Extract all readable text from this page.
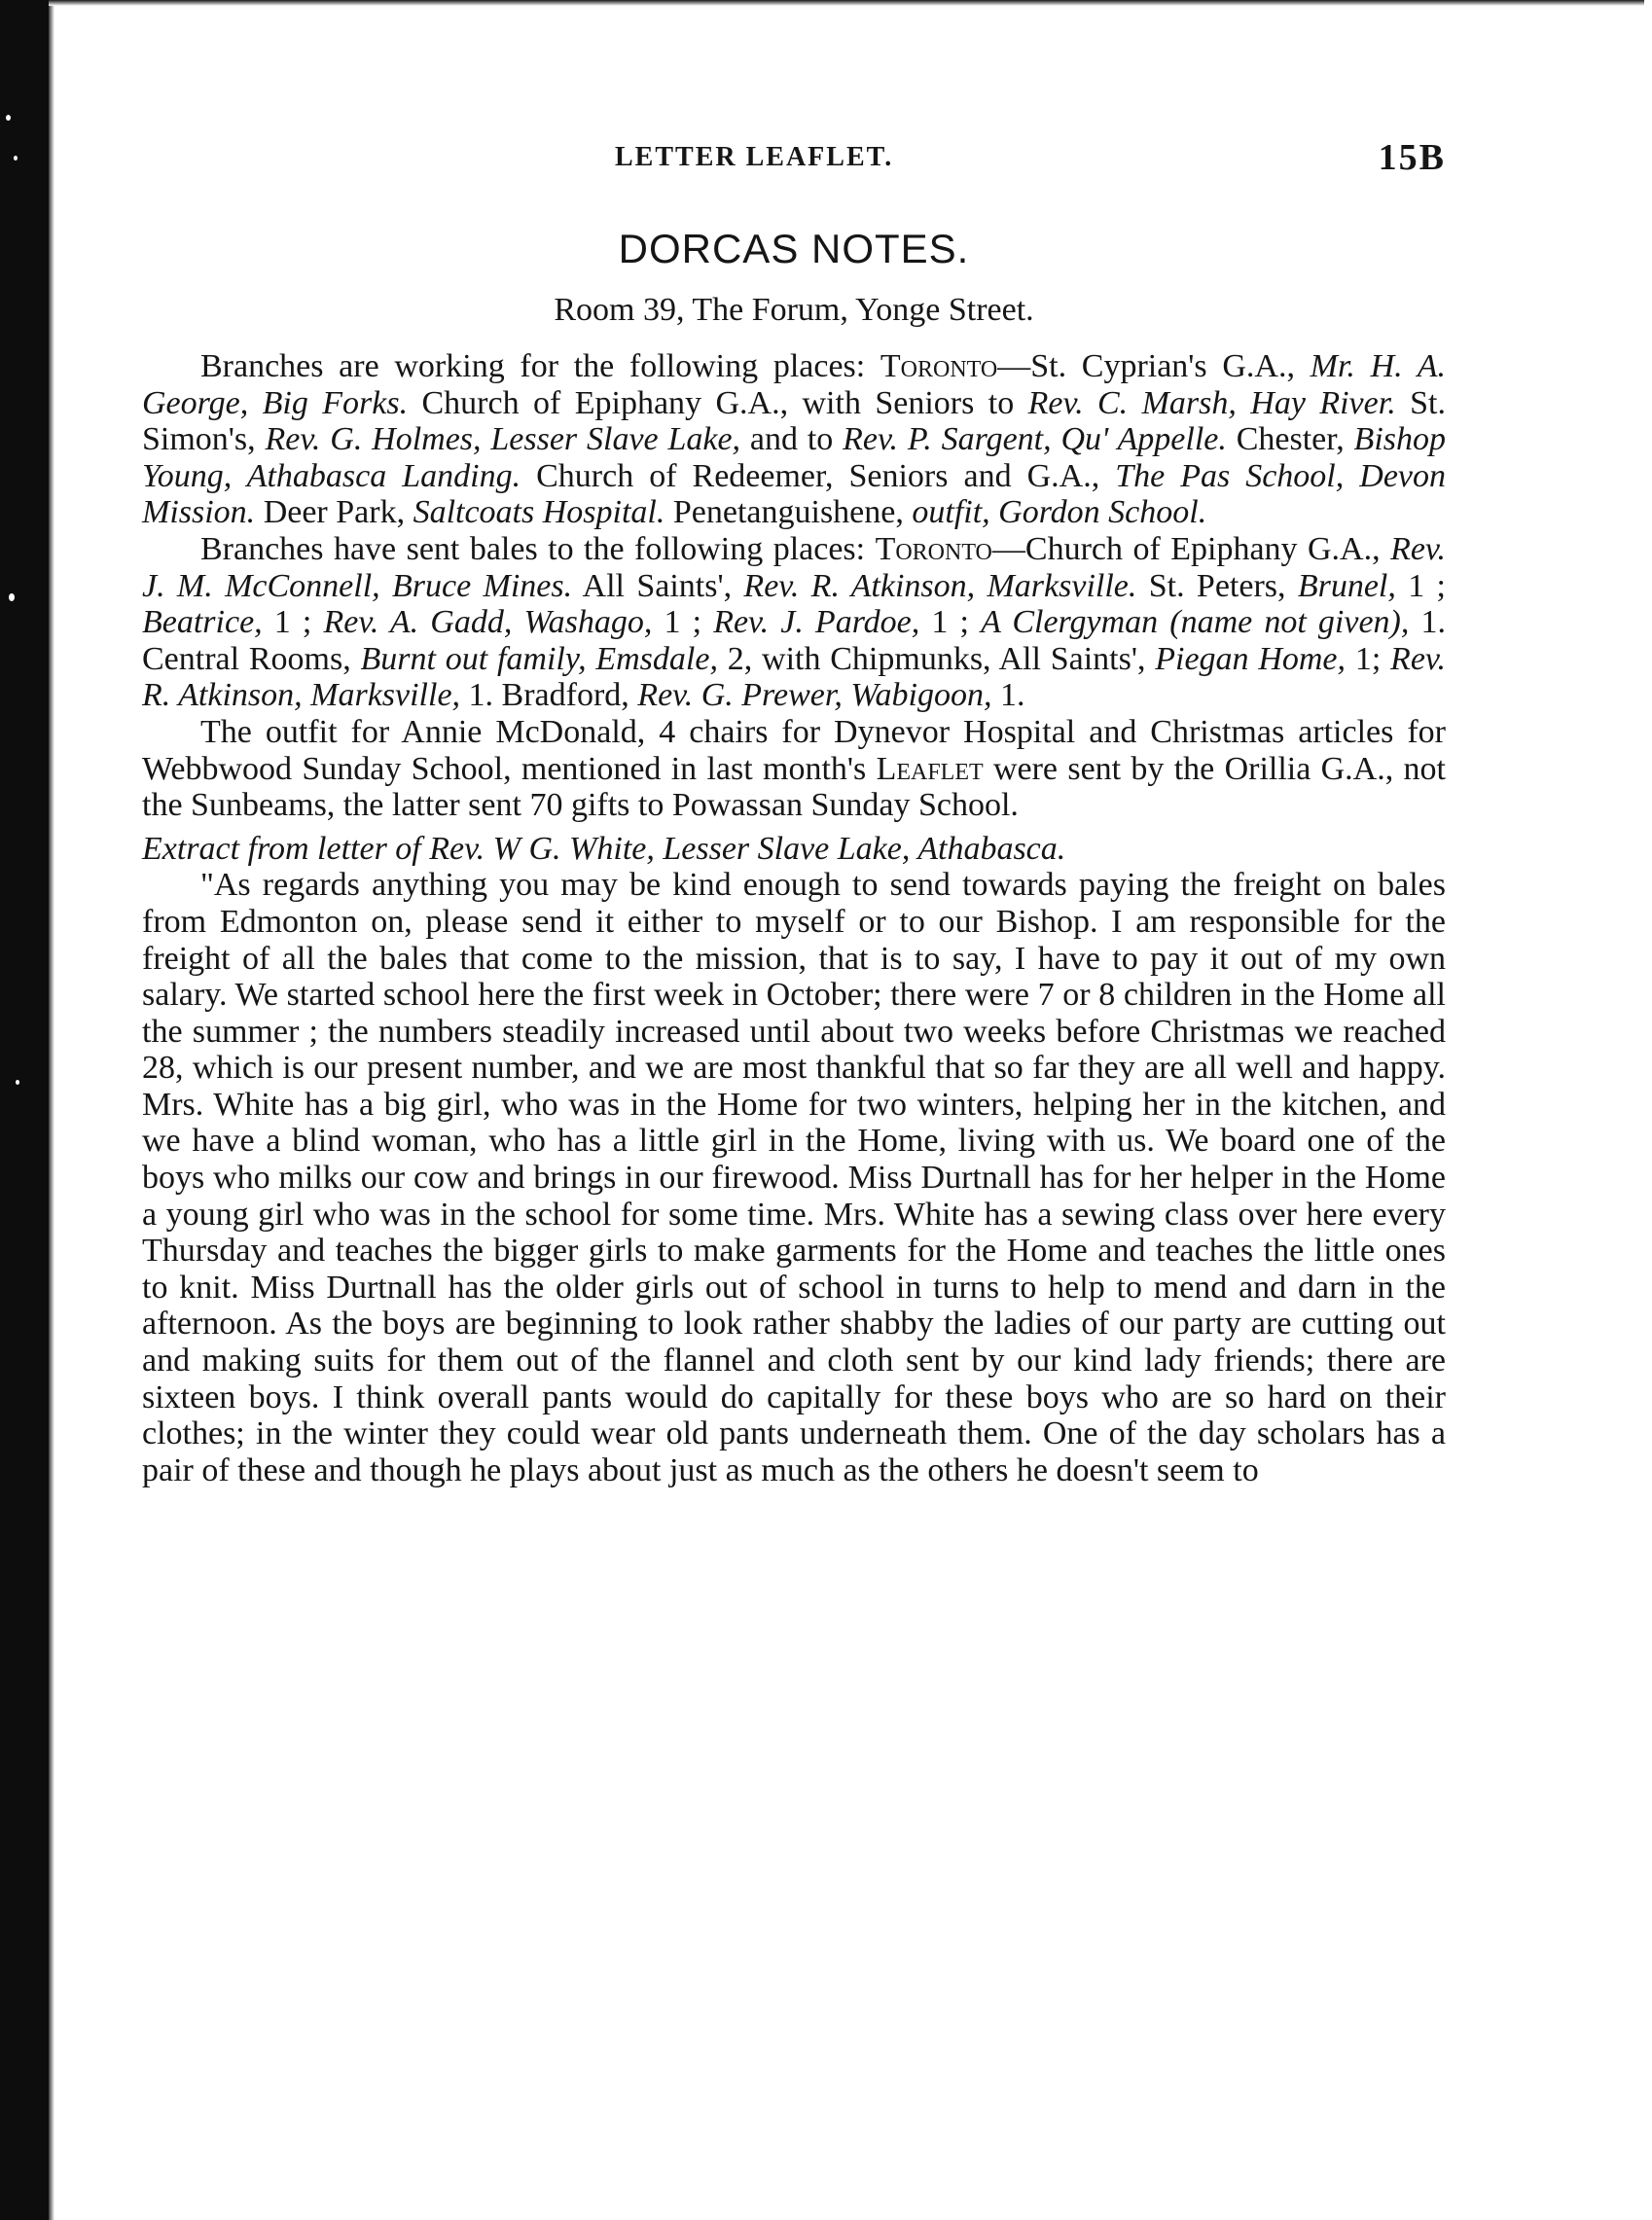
LETTER LEAFLET.	15B
DORCAS NOTES.
Room 39, The Forum, Yonge Street.

Branches are working for the following places: Toronto—St. Cyprian's G.A., Mr. H. A. George, Big Forks. Church of Epiphany G.A., with Seniors to Rev. C. Marsh, Hay River. St. Simon's, Rev. G. Holmes, Lesser Slave Lake, and to Rev. P. Sargent, Qu' Appelle. Chester, Bishop Young, Athabasca Landing. Church of Redeemer, Seniors and G.A., The Pas School, Devon Mission. Deer Park, Saltcoats Hospital. Penetanguishene, outfit, Gordon School.

Branches have sent bales to the following places: Toronto—Church of Epiphany G.A., Rev. J. M. McConnell, Bruce Mines. All Saints', Rev. R. Atkinson, Marksville. St. Peters, Brunel, 1 ; Beatrice, 1 ; Rev. A. Gadd, Washago, 1 ; Rev. J. Pardoe, 1 ; A Clergyman (name not given), 1. Central Rooms, Burnt out family, Emsdale, 2, with Chipmunks, All Saints', Piegan Home, 1; Rev. R. Atkinson, Marksville, 1. Bradford, Rev. G. Prewer, Wabigoon, 1.

The outfit for Annie McDonald, 4 chairs for Dynevor Hospital and Christmas articles for Webbwood Sunday School, mentioned in last month's Leaflet were sent by the Orillia G.A., not the Sunbeams, the latter sent 70 gifts to Powassan Sunday School.

Extract from letter of Rev. W G. White, Lesser Slave Lake, Athabasca.

"As regards anything you may be kind enough to send towards paying the freight on bales from Edmonton on, please send it either to myself or to our Bishop. I am responsible for the freight of all the bales that come to the mission, that is to say, I have to pay it out of my own salary. We started school here the first week in October; there were 7 or 8 children in the Home all the summer ; the numbers steadily increased until about two weeks before Christmas we reached 28, which is our present number, and we are most thankful that so far they are all well and happy. Mrs. White has a big girl, who was in the Home for two winters, helping her in the kitchen, and we have a blind woman, who has a little girl in the Home, living with us. We board one of the boys who milks our cow and brings in our firewood. Miss Durtnall has for her helper in the Home a young girl who was in the school for some time. Mrs. White has a sewing class over here every Thursday and teaches the bigger girls to make garments for the Home and teaches the little ones to knit. Miss Durtnall has the older girls out of school in turns to help to mend and darn in the afternoon. As the boys are beginning to look rather shabby the ladies of our party are cutting out and making suits for them out of the flannel and cloth sent by our kind lady friends; there are sixteen boys. I think overall pants would do capitally for these boys who are so hard on their clothes; in the winter they could wear old pants underneath them. One of the day scholars has a pair of these and though he plays about just as much as the others he doesn't seem to
